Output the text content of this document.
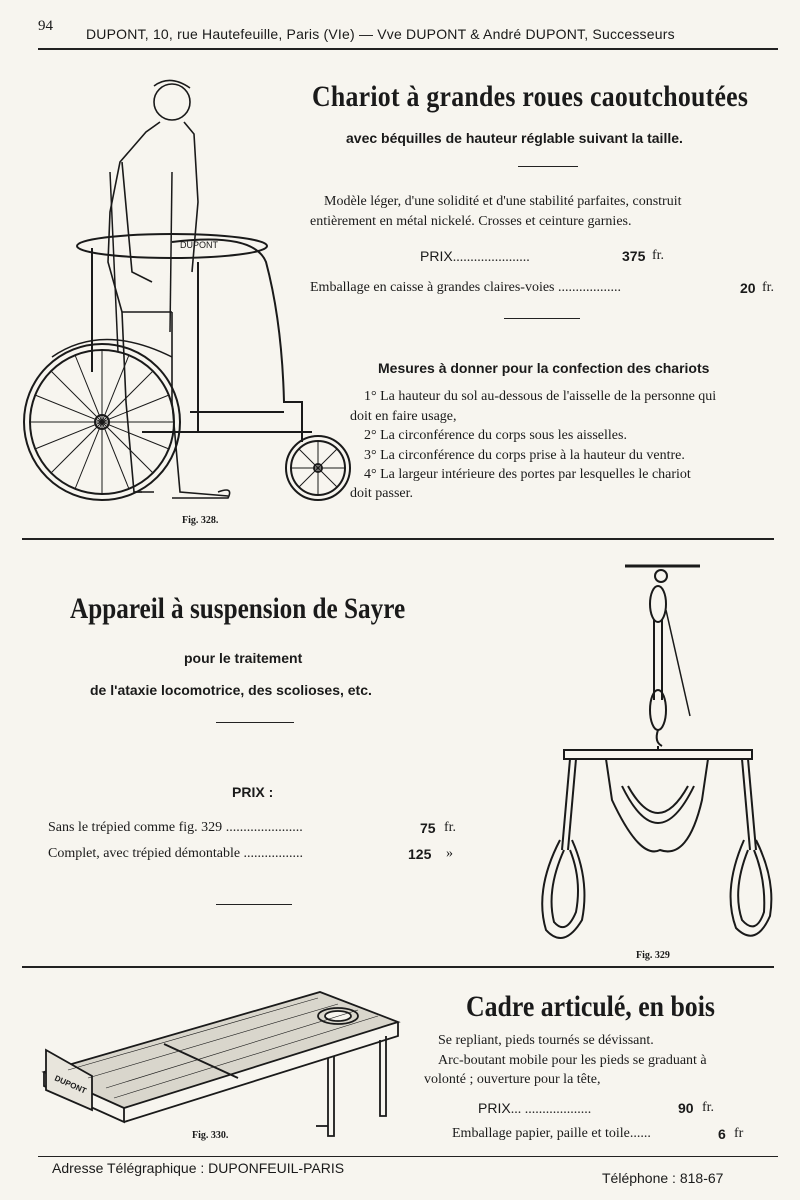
94 DUPONT, 10, rue Hautefeuille, Paris (VIe) — Vve DUPONT & André DUPONT, Successeurs
Chariot à grandes roues caoutchoutées
avec béquilles de hauteur réglable suivant la taille.
Modèle léger, d'une solidité et d'une stabilité parfaites, construit
entièrement en métal nickelé. Crosses et ceinture garnies.
PRIX......................	375 fr.
Emballage en caisse à grandes claires-voies ..................	20 fr.
Mesures à donner pour la confection des chariots
1° La hauteur du sol au-dessous de l'aisselle de la personne qui
doit en faire usage,
2° La circonférence du corps sous les aisselles.
3° La circonférence du corps prise à la hauteur du ventre.
4° La largeur intérieure des portes par lesquelles le chariot
doit passer.
DUPONT
Fig. 328.
Appareil à suspension de Sayre
pour le traitement
de l'ataxie locomotrice, des scolioses, etc.
PRIX :
Sans le trépied comme fig. 329 ......................	75 fr.
Complet, avec trépied démontable .................	125 »
Fig. 329
Cadre articulé, en bois
Se repliant, pieds tournés se dévissant.
Arc-boutant mobile pour les pieds se graduant à
volonté ; ouverture pour la tête,
PRIX... ...................	90 fr.
Emballage papier, paille et toile......	6 fr
DUPONT
Fig. 330.
Adresse Télégraphique : DUPONFEUIL-PARIS
Téléphone : 818-67
